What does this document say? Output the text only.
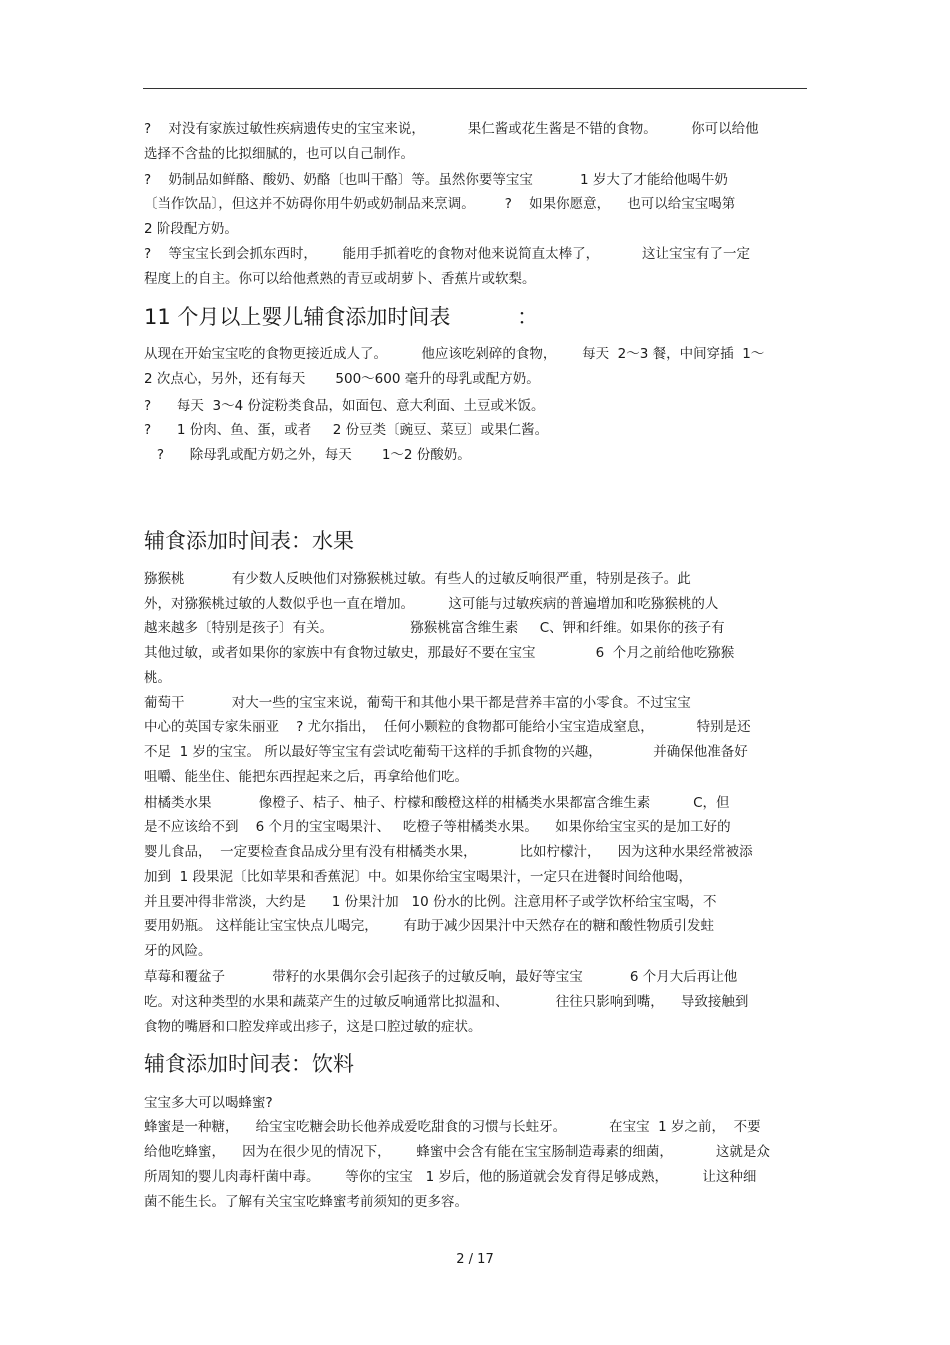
?    对没有家族过敏性疾病遗传史的宝宝来说，          果仁酱或花生酱是不错的食物。        你可以给他
选择不含盐的比拟细腻的，也可以自己制作。
?    奶制品如鲜酪、酸奶、奶酪〔也叫干酪〕等。虽然你要等宝宝           1 岁大了才能给他喝牛奶
〔当作饮品〕，但这并不妨碍你用牛奶或奶制品来烹调。       ?    如果你愿意，    也可以给宝宝喝第
2 阶段配方奶。
?    等宝宝长到会抓东西时，      能用手抓着吃的食物对他来说简直太棒了，          这让宝宝有了一定
程度上的自主。你可以给他煮熟的青豆或胡萝卜、香蕉片或软梨。
11 个月以上婴儿辅食添加时间表          ：
从现在开始宝宝吃的食物更接近成人了。        他应该吃剁碎的食物，      每天  2～3 餐，中间穿插  1～
2 次点心，另外，还有每天       500～600 毫升的母乳或配方奶。
?      每天  3～4 份淀粉类食品，如面包、意大利面、土豆或米饭。
?      1 份肉、鱼、蛋，或者     2 份豆类〔豌豆、菜豆〕或果仁酱。
?      除母乳或配方奶之外，每天       1～2 份酸奶。
辅食添加时间表：水果
猕猴桃           有少数人反映他们对猕猴桃过敏。有些人的过敏反响很严重，特别是孩子。此
外，对猕猴桃过敏的人数似乎也一直在增加。        这可能与过敏疾病的普遍增加和吃猕猴桃的人
越来越多〔特别是孩子〕有关。                  猕猴桃富含维生素     C、钾和纤维。如果你的孩子有
其他过敏，或者如果你的家族中有食物过敏史，那最好不要在宝宝              6  个月之前给他吃猕猴
桃。
葡萄干           对大一些的宝宝来说，葡萄干和其他小果干都是营养丰富的小零食。不过宝宝
中心的英国专家朱丽亚    ? 尤尔指出，  任何小颗粒的食物都可能给小宝宝造成窒息，          特别是还
不足  1 岁的宝宝。 所以最好等宝宝有尝试吃葡萄干这样的手抓食物的兴趣，            并确保他准备好
咀嚼、能坐住、能把东西捏起来之后，再拿给他们吃。
柑橘类水果           像橙子、桔子、柚子、柠檬和酸橙这样的柑橘类水果都富含维生素          C，但
是不应该给不到    6 个月的宝宝喝果汁、   吃橙子等柑橘类水果。    如果你给宝宝买的是加工好的
婴儿食品，  一定要检查食品成分里有没有柑橘类水果，          比如柠檬汁，    因为这种水果经常被添
加到  1 段果泥〔比如苹果和香蕉泥〕中。如果你给宝宝喝果汁，一定只在进餐时间给他喝，
并且要冲得非常淡，大约是      1 份果汁加   10 份水的比例。注意用杯子或学饮杯给宝宝喝，不
要用奶瓶。 这样能让宝宝快点儿喝完，      有助于减少因果汁中天然存在的糖和酸性物质引发蛀
牙的风险。
草莓和覆盆子           带籽的水果偶尔会引起孩子的过敏反响，最好等宝宝           6 个月大后再让他
吃。对这种类型的水果和蔬菜产生的过敏反响通常比拟温和、           往往只影响到嘴，    导致接触到
食物的嘴唇和口腔发痒或出疹子，这是口腔过敏的症状。
辅食添加时间表：饮料
宝宝多大可以喝蜂蜜?
蜂蜜是一种糖，    给宝宝吃糖会助长他养成爱吃甜食的习惯与长蛀牙。          在宝宝  1 岁之前，  不要
给他吃蜂蜜，    因为在很少见的情况下，      蜂蜜中会含有能在宝宝肠制造毒素的细菌，          这就是众
所周知的婴儿肉毒杆菌中毒。      等你的宝宝   1 岁后，他的肠道就会发育得足够成熟，        让这种细
菌不能生长。了解有关宝宝吃蜂蜜考前须知的更多容。
2 / 17
